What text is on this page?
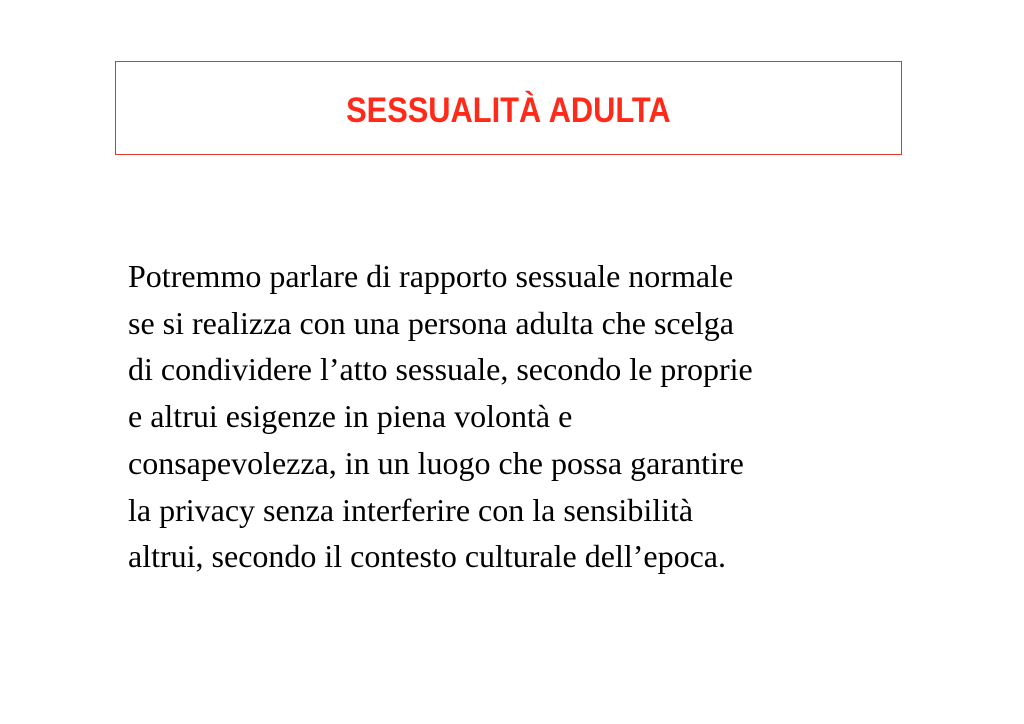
SESSUALITÀ ADULTA

Potremmo parlare di rapporto sessuale normale
se si realizza con una persona adulta che scelga
di condividere l’atto sessuale, secondo le proprie
e altrui esigenze in piena volontà e
consapevolezza, in un luogo che possa garantire
la privacy senza interferire con la sensibilità
altrui, secondo il contesto culturale dell’epoca.
